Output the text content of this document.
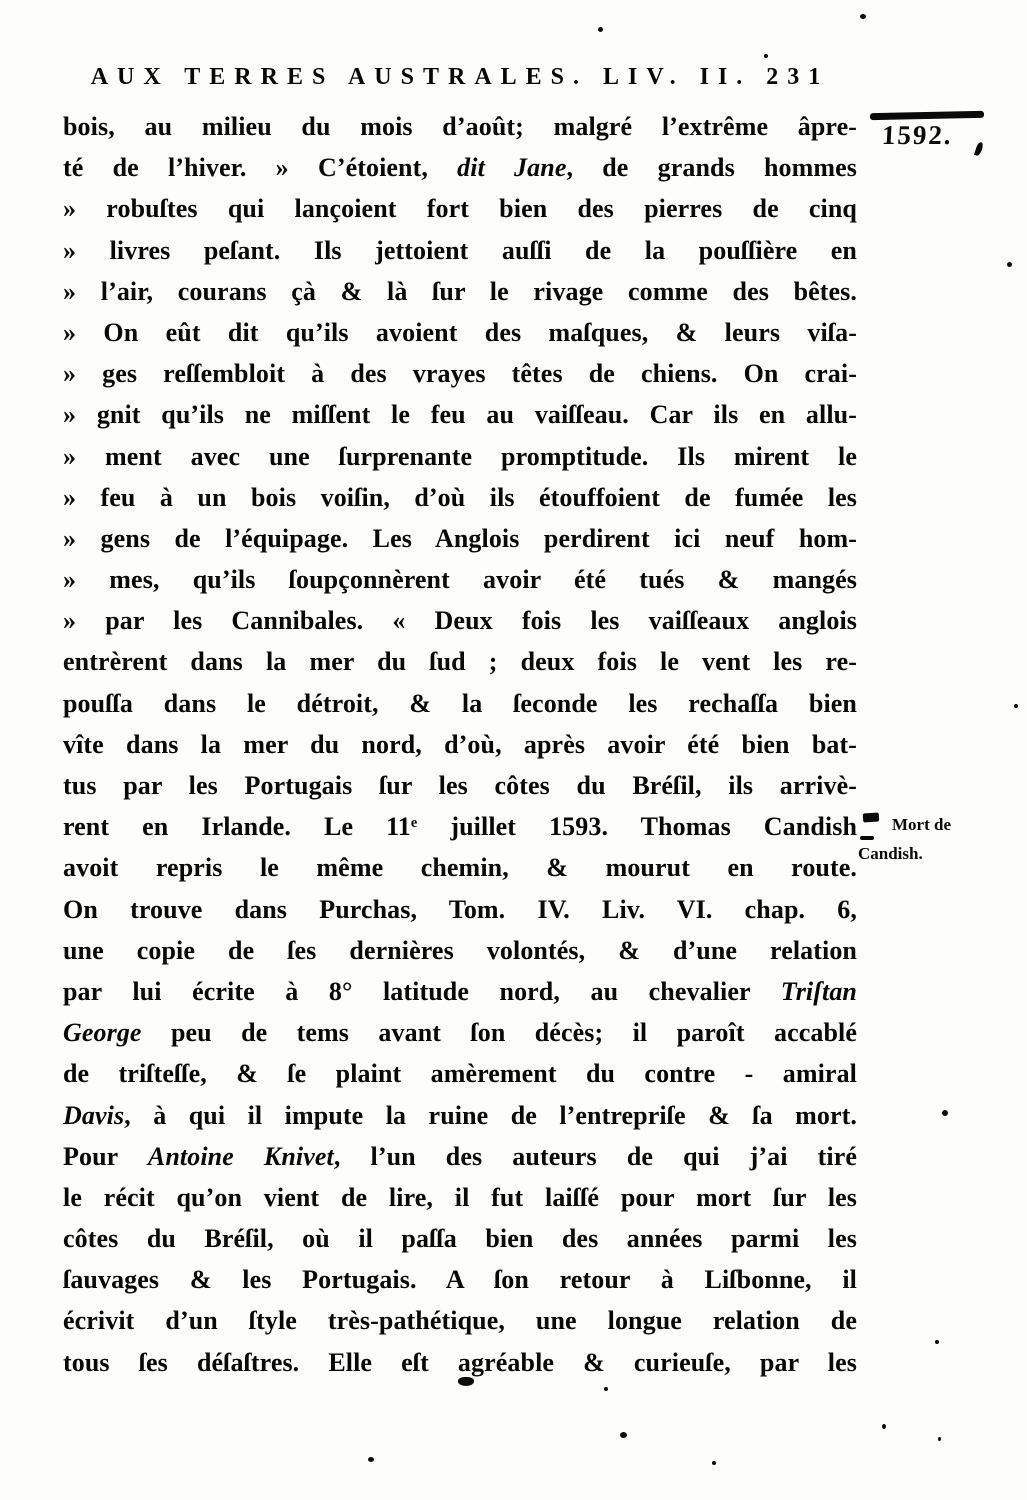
AUX TERRES AUSTRALES. LIV. II. 231
1592.
bois, au milieu du mois d’août; malgré l’extrême âpre-
té de l’hiver. » C’étoient, dit Jane, de grands hommes
» robuſtes qui lançoient fort bien des pierres de cinq
» livres peſant. Ils jettoient auſſi de la pouſſière en
» l’air, courans çà & là ſur le rivage comme des bêtes.
» On eût dit qu’ils avoient des maſques, & leurs viſa-
» ges reſſembloit à des vrayes têtes de chiens. On crai-
» gnit qu’ils ne miſſent le feu au vaiſſeau. Car ils en allu-
» ment avec une ſurprenante promptitude. Ils mirent le
» feu à un bois voiſin, d’où ils étouffoient de fumée les
» gens de l’équipage. Les Anglois perdirent ici neuf hom-
» mes, qu’ils ſoupçonnèrent avoir été tués & mangés
» par les Cannibales. « Deux fois les vaiſſeaux anglois
entrèrent dans la mer du ſud ; deux fois le vent les re-
pouſſa dans le détroit, & la ſeconde les rechaſſa bien
vîte dans la mer du nord, d’où, après avoir été bien bat-
tus par les Portugais ſur les côtes du Bréſil, ils arrivè-
rent en Irlande. Le 11e juillet 1593. Thomas Candish
avoit repris le même chemin, & mourut en route.
On trouve dans Purchas, Tom. IV. Liv. VI. chap. 6,
une copie de ſes dernières volontés, & d’une relation
par lui écrite à 8° latitude nord, au chevalier Triſtan
George peu de tems avant ſon décès; il paroît accablé
de triſteſſe, & ſe plaint amèrement du contre - amiral
Davis, à qui il impute la ruine de l’entrepriſe & ſa mort.
Pour Antoine Knivet, l’un des auteurs de qui j’ai tiré
le récit qu’on vient de lire, il fut laiſſé pour mort ſur les
côtes du Bréſil, où il paſſa bien des années parmi les
ſauvages & les Portugais. A ſon retour à Liſbonne, il
écrivit d’un ſtyle très-pathétique, une longue relation de
tous ſes déſaſtres. Elle eſt agréable & curieuſe, par les
Mort de Candish.
